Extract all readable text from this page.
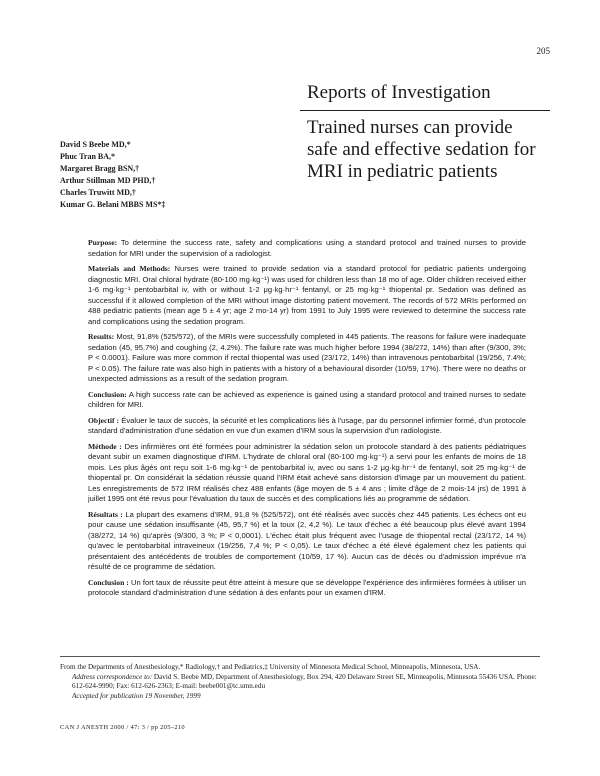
205
Reports of Investigation
Trained nurses can provide safe and effective sedation for MRI in pediatric patients
David S Beebe MD,*
Phuc Tran BA,*
Margaret Bragg BSN,†
Arthur Stillman MD PHD,†
Charles Truwitt MD,†
Kumar G. Belani MBBS MS*‡

Purpose: To determine the success rate, safety and complications using a standard protocol and trained nurses to provide sedation for MRI under the supervision of a radiologist.

Materials and Methods: Nurses were trained to provide sedation via a standard protocol for pediatric patients undergoing diagnostic MRI. Oral chloral hydrate (80-100 mg·kg⁻¹) was used for children less than 18 mo of age. Older children received either 1-6 mg·kg⁻¹ pentobarbital iv, with or without 1-2 μg·kg·hr⁻¹ fentanyl, or 25 mg·kg⁻¹ thiopental pr. Sedation was defined as successful if it allowed completion of the MRI without image distorting patient movement. The records of 572 MRIs performed on 488 pediatric patients (mean age 5 ± 4 yr; age 2 mo-14 yr) from 1991 to July 1995 were reviewed to determine the success rate and complications using the sedation program.

Results: Most, 91.8% (525/572), of the MRIs were successfully completed in 445 patients. The reasons for failure were inadequate sedation (45, 95.7%) and coughing (2, 4.2%). The failure rate was much higher before 1994 (38/272, 14%) than after (9/300, 3%; P < 0.0001). Failure was more common if rectal thiopental was used (23/172, 14%) than intravenous pentobarbital (19/256, 7.4%; P < 0.05). The failure rate was also high in patients with a history of a behavioural disorder (10/59, 17%). There were no deaths or unexpected admissions as a result of the sedation program.

Conclusion: A high success rate can be achieved as experience is gained using a standard protocol and trained nurses to sedate children for MRI.

Objectif : Évaluer le taux de succès, la sécurité et les complications liés à l'usage, par du personnel infirmier formé, d'un protocole standard d'administration d'une sédation en vue d'un examen d'IRM sous la supervision d'un radiologiste.

Méthode : Des infirmières ont été formées pour administrer la sédation selon un protocole standard à des patients pédiatriques devant subir un examen diagnostique d'IRM. L'hydrate de chloral oral (80-100 mg·kg⁻¹) a servi pour les enfants de moins de 18 mois. Les plus âgés ont reçu soit 1-6 mg·kg⁻¹ de pentobarbital iv, avec ou sans 1-2 μg·kg·hr⁻¹ de fentanyl, soit 25 mg·kg⁻¹ de thiopental pr. On considérait la sédation réussie quand l'IRM était achevé sans distorsion d'image par un mouvement du patient. Les enregistrements de 572 IRM réalisés chez 488 enfants (âge moyen de 5 ± 4 ans ; limite d'âge de 2 mois-14 jrs) de 1991 à juillet 1995 ont été revus pour l'évaluation du taux de succès et des complications liés au programme de sédation.

Résultats : La plupart des examens d'IRM, 91,8 % (525/572), ont été réalisés avec succès chez 445 patients. Les échecs ont eu pour cause une sédation insuffisante (45, 95,7 %) et la toux (2, 4,2 %). Le taux d'échec a été beaucoup plus élevé avant 1994 (38/272, 14 %) qu'après (9/300, 3 %; P < 0,0001). L'échec était plus fréquent avec l'usage de thiopental rectal (23/172, 14 %) qu'avec le pentobarbital intraveineux (19/256, 7,4 %; P < 0,05). Le taux d'échec a été élevé également chez les patients qui présentaient des antécédents de troubles de comportement (10/59, 17 %). Aucun cas de décès ou d'admission imprévue n'a résulté de ce programme de sédation.

Conclusion : Un fort taux de réussite peut être atteint à mesure que se développe l'expérience des infirmières formées à utiliser un protocole standard d'administration d'une sédation à des enfants pour un examen d'IRM.

From the Departments of Anesthesiology,* Radiology,† and Pediatrics,‡ University of Minnesota Medical School, Minneapolis, Minnesota, USA.
Address correspondence to: David S. Beebe MD, Department of Anesthesiology, Box 294, 420 Delaware Street SE, Minneapolis, Minnesota 55436 USA. Phone: 612-624-9990; Fax: 612-626-2363; E-mail: beebe001@tc.umn.edu
Accepted for publication 19 November, 1999
CAN J ANESTH 2000 / 47: 3 / pp 205–210
